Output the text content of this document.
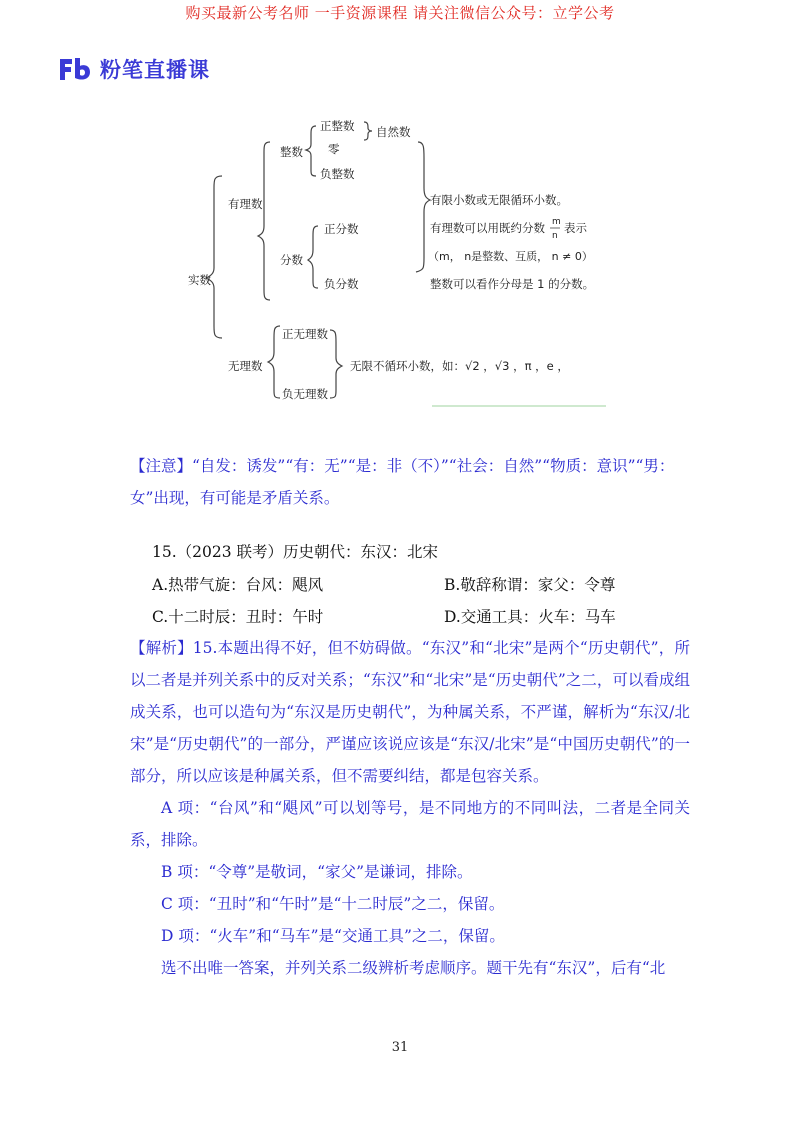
购买最新公考名师 一手资源课程 请关注微信公众号：立学公考
粉笔直播课
实数
有理数
整数
正整数
零
负整数
自然数
分数
正分数
负分数
有限小数或无限循环小数。
有理数可以用既约分数 m
n
表示
（m， n是整数、互质， n ≠ 0）
整数可以看作分母是 1 的分数。
无理数
正无理数
负无理数
无限不循环小数，如：√2 ，√3 ，π ，e ，
【注意】“自发：诱发”“有：无”“是：非（不）”“社会：自然”“物质：意识”“男：女”出现，有可能是矛盾关系。
15.（2023 联考）历史朝代：东汉：北宋
A.热带气旋：台风：飓风	B.敬辞称谓：家父：令尊
C.十二时辰：丑时：午时	D.交通工具：火车：马车
【解析】15.本题出得不好，但不妨碍做。“东汉”和“北宋”是两个“历史朝代”，所以二者是并列关系中的反对关系；“东汉”和“北宋”是“历史朝代”之二，可以看成组成关系，也可以造句为“东汉是历史朝代”，为种属关系，不严谨，解析为“东汉/北宋”是“历史朝代”的一部分，严谨应该说应该是“东汉/北宋”是“中国历史朝代”的一部分，所以应该是种属关系，但不需要纠结，都是包容关系。
A 项：“台风”和“飓风”可以划等号，是不同地方的不同叫法，二者是全同关系，排除。
B 项：“令尊”是敬词，“家父”是谦词，排除。
C 项：“丑时”和“午时”是“十二时辰”之二，保留。
D 项：“火车”和“马车”是“交通工具”之二，保留。
选不出唯一答案，并列关系二级辨析考虑顺序。题干先有“东汉”，后有“北
31
